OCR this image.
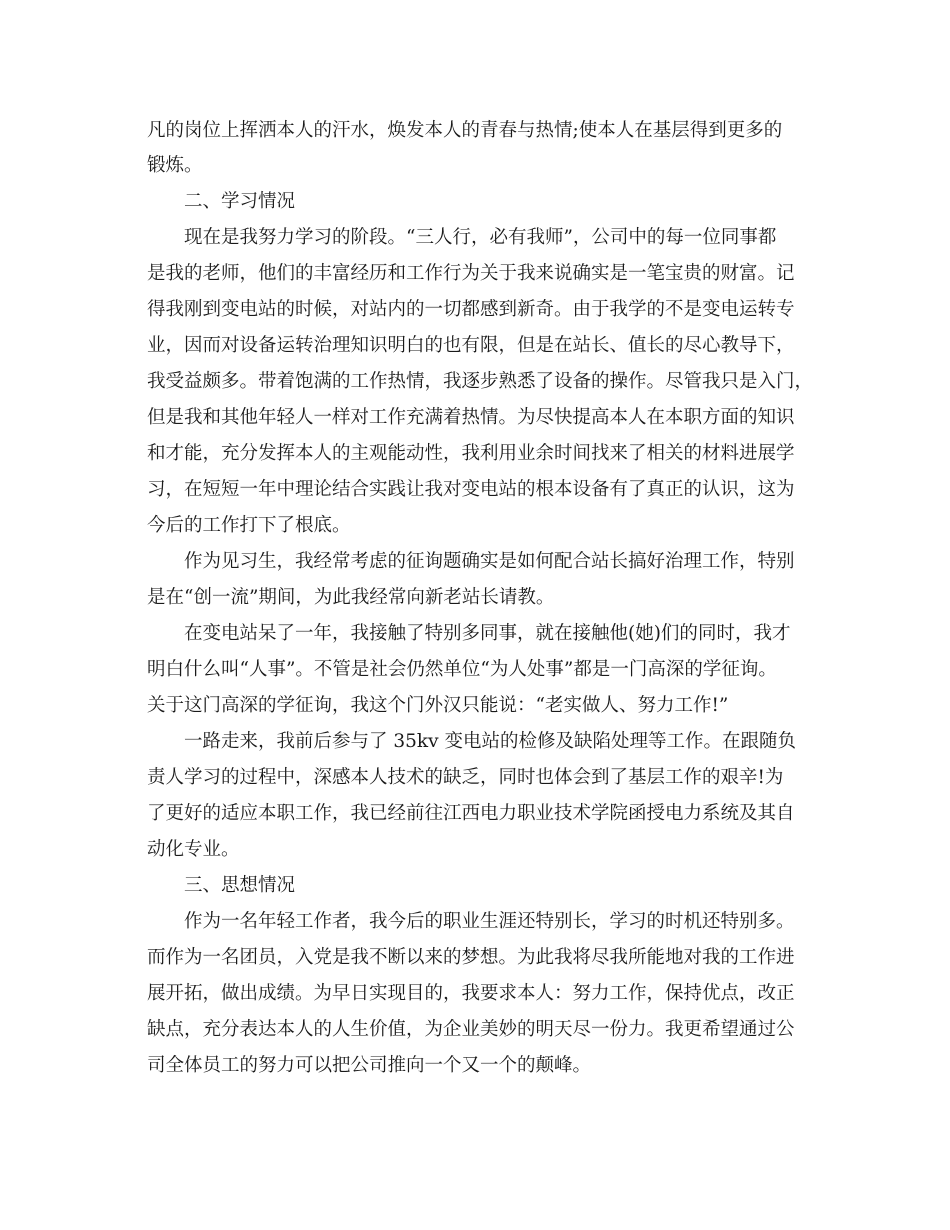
凡的岗位上挥洒本人的汗水，焕发本人的青春与热情;使本人在基层得到更多的
锻炼。
二、学习情况
现在是我努力学习的阶段。“三人行，必有我师”，公司中的每一位同事都
是我的老师，他们的丰富经历和工作行为关于我来说确实是一笔宝贵的财富。记
得我刚到变电站的时候，对站内的一切都感到新奇。由于我学的不是变电运转专
业，因而对设备运转治理知识明白的也有限，但是在站长、值长的尽心教导下，
我受益颇多。带着饱满的工作热情，我逐步熟悉了设备的操作。尽管我只是入门，
但是我和其他年轻人一样对工作充满着热情。为尽快提高本人在本职方面的知识
和才能，充分发挥本人的主观能动性，我利用业余时间找来了相关的材料进展学
习，在短短一年中理论结合实践让我对变电站的根本设备有了真正的认识，这为
今后的工作打下了根底。
作为见习生，我经常考虑的征询题确实是如何配合站长搞好治理工作，特别
是在“创一流”期间，为此我经常向新老站长请教。
在变电站呆了一年，我接触了特别多同事，就在接触他(她)们的同时，我才
明白什么叫“人事”。不管是社会仍然单位“为人处事”都是一门高深的学征询。
关于这门高深的学征询，我这个门外汉只能说：“老实做人、努力工作!”
一路走来，我前后参与了 35kv 变电站的检修及缺陷处理等工作。在跟随负
责人学习的过程中，深感本人技术的缺乏，同时也体会到了基层工作的艰辛!为
了更好的适应本职工作，我已经前往江西电力职业技术学院函授电力系统及其自
动化专业。
三、思想情况
作为一名年轻工作者，我今后的职业生涯还特别长，学习的时机还特别多。
而作为一名团员，入党是我不断以来的梦想。为此我将尽我所能地对我的工作进
展开拓，做出成绩。为早日实现目的，我要求本人：努力工作，保持优点，改正
缺点，充分表达本人的人生价值，为企业美妙的明天尽一份力。我更希望通过公
司全体员工的努力可以把公司推向一个又一个的颠峰。
